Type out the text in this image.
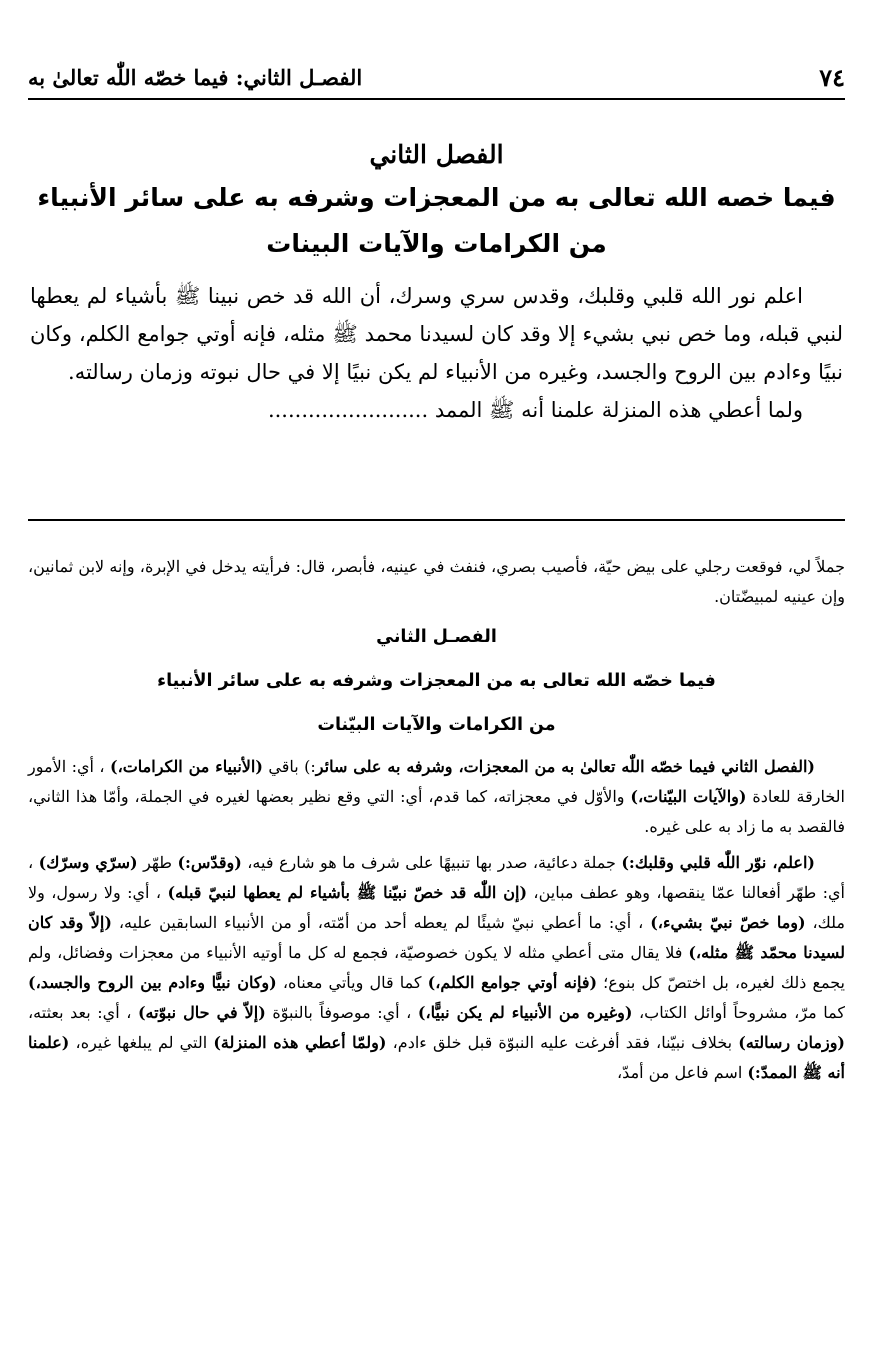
٧٤
الفصـل الثاني: فيما خصّه اللّٰه تعالىٰ به
الفصل الثاني
فيما خصه الله تعالى به من المعجزات وشرفه به على سائر الأنبياء
من الكرامات والآيات البينات

اعلم نور الله قلبي وقلبك، وقدس سري وسرك، أن الله قد خص نبينا ﷺ بأشياء لم يعطها لنبي قبله، وما خص نبي بشيء إلا وقد كان لسيدنا محمد ﷺ مثله، فإنه أوتي جوامع الكلم، وكان نبيًا وءادم بين الروح والجسد، وغيره من الأنبياء لم يكن نبيًا إلا في حال نبوته وزمان رسالته.

ولما أعطي هذه المنزلة علمنا أنه ﷺ الممد ........................

جملاً لي، فوقعت رجلي على بيض حيّة، فأصيب بصري، فنفث في عينيه، فأبصر، قال: فرأيته يدخل في الإبرة، وإنه لابن ثمانين، وإن عينيه لمبيضّتان.

الفصـل الثاني

فيما خصّه الله تعالى به من المعجزات وشرفه به على سائر الأنبياء

من الكرامات والآيات البيّنات

(الفصل الثاني فيما خصّه اللّٰه تعالىٰ به من المعجزات، وشرفه به على سائر:) باقي (الأنبياء من الكرامات،) ، أي: الأمور الخارقة للعادة (والآيات البيّنات،) والأوّل في معجزاته، كما قدم، أي: التي وقع نظير بعضها لغيره في الجملة، وأمّا هذا الثاني، فالقصد به ما زاد به على غيره.

(اعلم، نوّر اللّٰه قلبي وقلبك:) جملة دعائية، صدر بها تنبيهًا على شرف ما هو شارع فيه، (وقدّس:) طهّر (سرّي وسرّك) ، أي: طهّر أفعالنا عمّا ينقصها، وهو عطف مباين، (إن اللّٰه قد خصّ نبيّنا ﷺ بأشياء لم يعطها لنبيّ قبله) ، أي: ولا رسول، ولا ملك، (وما خصّ نبيّ بشيء،) ، أي: ما أعطي نبيّ شيئًا لم يعطه أحد من أمّته، أو من الأنبياء السابقين عليه، (إلاّ وقد كان لسيدنا محمّد ﷺ مثله،) فلا يقال متى أعطي مثله لا يكون خصوصيّة، فجمع له كل ما أوتيه الأنبياء من معجزات وفضائل، ولم يجمع ذلك لغيره، بل اختصّ كل بنوع؛ (فإنه أوتي جوامع الكلم،) كما قال ويأتي معناه، (وكان نبيًّا وءادم بين الروح والجسد،) كما مرّ، مشروحاً أوائل الكتاب، (وغيره من الأنبياء لم يكن نبيًّا،) ، أي: موصوفاً بالنبوّة (إلاّ في حال نبوّته) ، أي: بعد بعثته، (وزمان رسالته) بخلاف نبيّنا، فقد أفرغت عليه النبوّة قبل خلق ءادم، (ولمّا أعطي هذه المنزلة) التي لم يبلغها غيره، (علمنا أنه ﷺ الممدّ:) اسم فاعل من أمدّ،
